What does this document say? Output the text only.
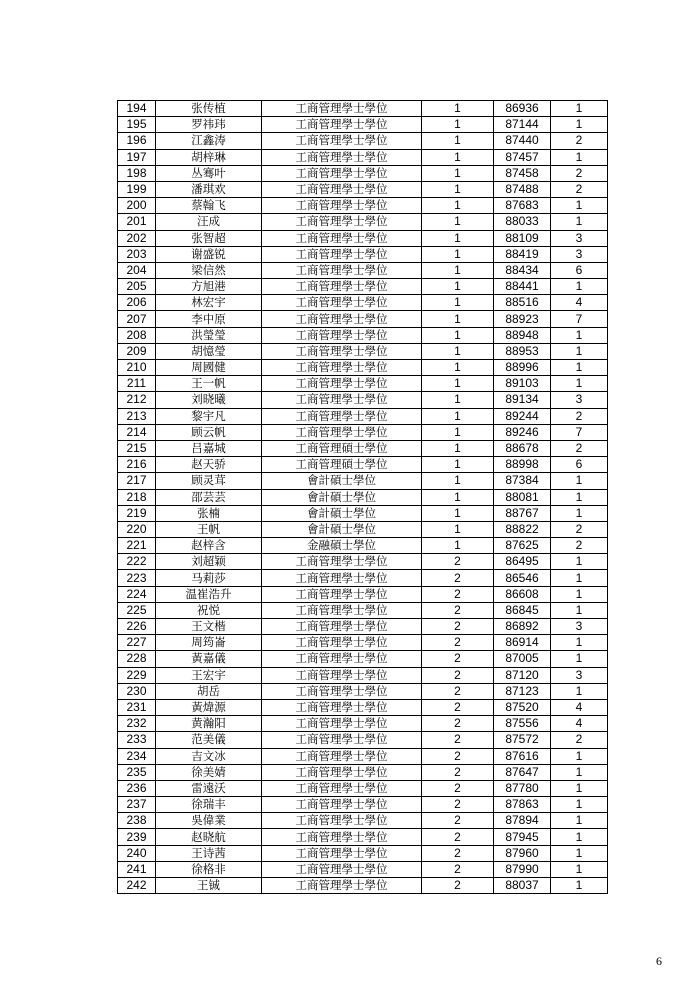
194	张传植	工商管理學士學位	1	86936	1
195	罗祎玮	工商管理學士學位	1	87144	1
196	江鑫涛	工商管理學士學位	1	87440	2
197	胡梓琳	工商管理學士學位	1	87457	1
198	丛骞叶	工商管理學士學位	1	87458	2
199	潘琪欢	工商管理學士學位	1	87488	2
200	蔡翰飞	工商管理學士學位	1	87683	1
201	汪成	工商管理學士學位	1	88033	1
202	张智超	工商管理學士學位	1	88109	3
203	谢盛锐	工商管理學士學位	1	88419	3
204	梁信然	工商管理學士學位	1	88434	6
205	方旭港	工商管理學士學位	1	88441	1
206	林宏宇	工商管理學士學位	1	88516	4
207	李中原	工商管理學士學位	1	88923	7
208	洪瑩瑩	工商管理學士學位	1	88948	1
209	胡憶瑩	工商管理學士學位	1	88953	1
210	周國健	工商管理學士學位	1	88996	1
211	王一帆	工商管理學士學位	1	89103	1
212	刘晓曦	工商管理學士學位	1	89134	3
213	黎宇凡	工商管理學士學位	1	89244	2
214	顾云帆	工商管理學士學位	1	89246	7
215	吕嘉城	工商管理碩士學位	1	88678	2
216	赵天骄	工商管理碩士學位	1	88998	6
217	顾灵茸	會計碩士學位	1	87384	1
218	邵芸芸	會計碩士學位	1	88081	1
219	张楠	會計碩士學位	1	88767	1
220	王帆	會計碩士學位	1	88822	2
221	赵梓含	金融碩士學位	1	87625	2
222	刘超颖	工商管理學士學位	2	86495	1
223	马莉莎	工商管理學士學位	2	86546	1
224	温崔浩升	工商管理學士學位	2	86608	1
225	祝悦	工商管理學士學位	2	86845	1
226	王文楷	工商管理學士學位	2	86892	3
227	周筠崙	工商管理學士學位	2	86914	1
228	黃嘉儀	工商管理學士學位	2	87005	1
229	王宏宇	工商管理學士學位	2	87120	3
230	胡岳	工商管理學士學位	2	87123	1
231	黃煒源	工商管理學士學位	2	87520	4
232	黄瀚阳	工商管理學士學位	2	87556	4
233	范美儀	工商管理學士學位	2	87572	2
234	吉文冰	工商管理學士學位	2	87616	1
235	徐美婧	工商管理學士學位	2	87647	1
236	雷遠沃	工商管理學士學位	2	87780	1
237	徐瑞丰	工商管理學士學位	2	87863	1
238	吳偉業	工商管理學士學位	2	87894	1
239	赵晓航	工商管理學士學位	2	87945	1
240	王诗茜	工商管理學士學位	2	87960	1
241	徐格非	工商管理學士學位	2	87990	1
242	王铖	工商管理學士學位	2	88037	1
6
